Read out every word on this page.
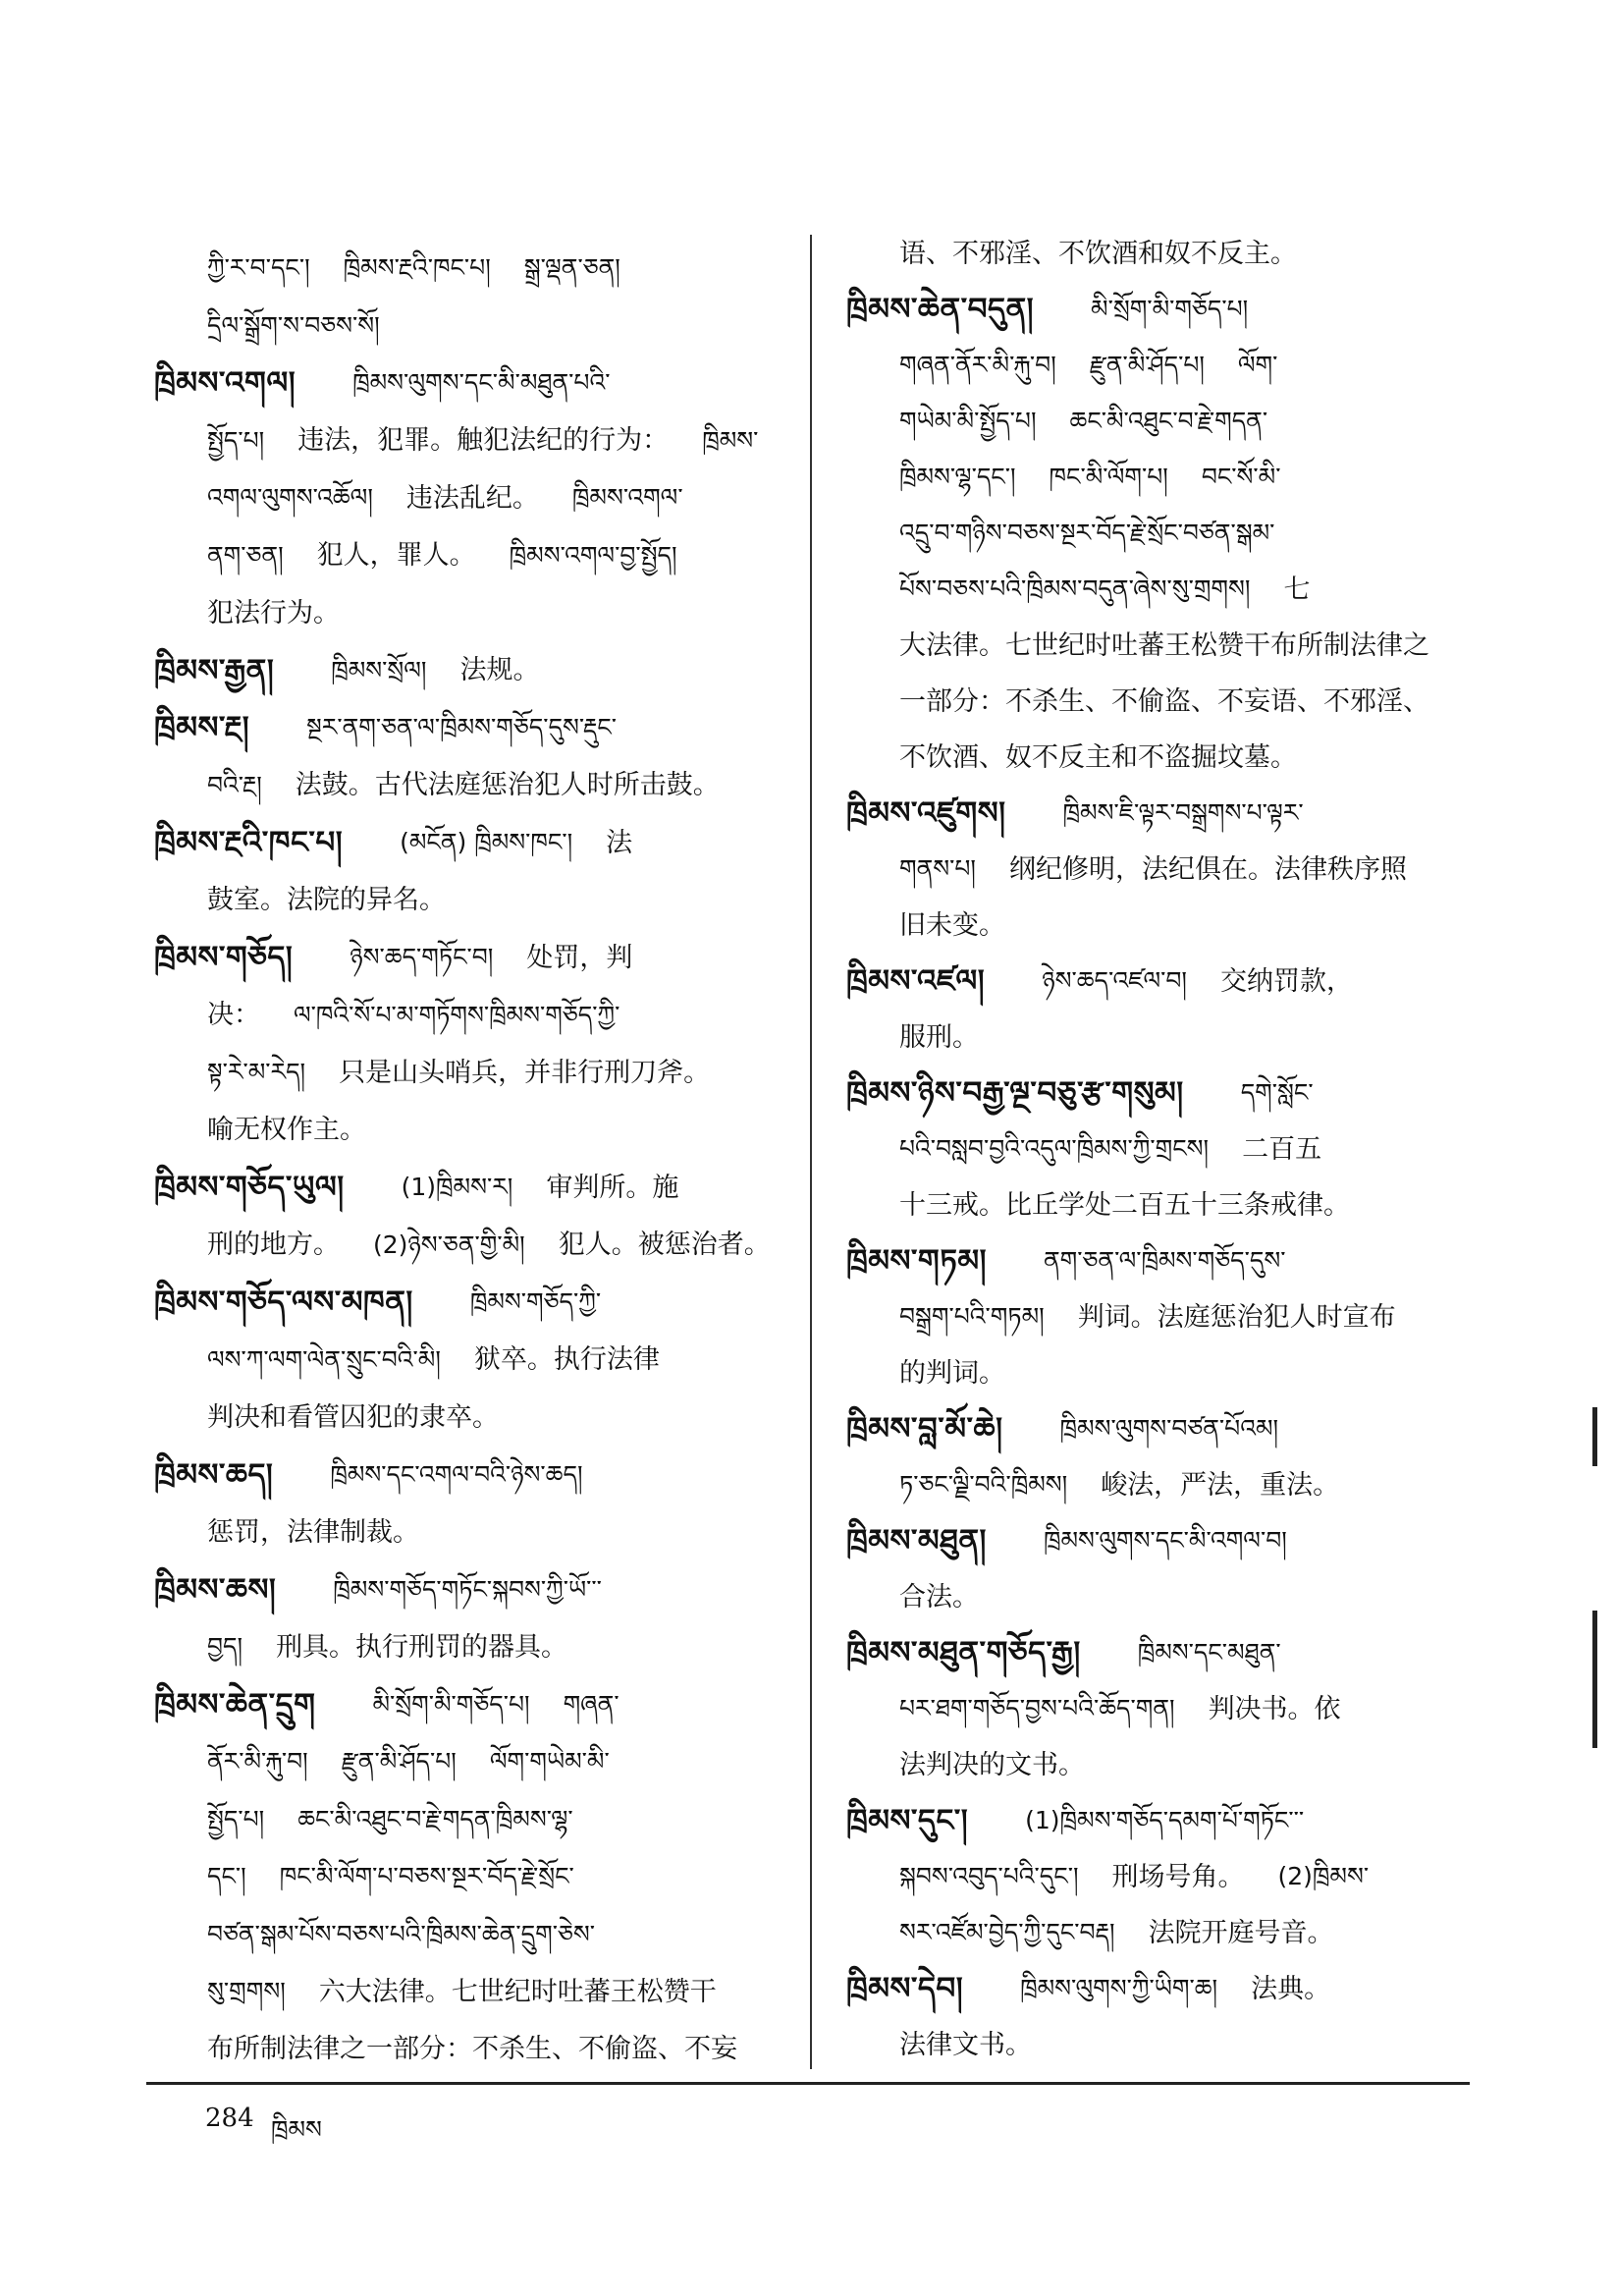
ཀྱི་ར་བ་དང་། ཁྲིམས་རྔའི་ཁང་པ། སྒྲ་ལྡན་ཅན།
དྲིལ་སྒྲོག་ས་བཅས་སོ།
ཁྲིམས་འགལ། ཁྲིམས་ལུགས་དང་མི་མཐུན་པའི་
སྤྱོད་པ། 违法，犯罪。触犯法纪的行为： ཁྲིམས་
འགལ་ལུགས་འཆོལ། 违法乱纪。 ཁྲིམས་འགལ་
ནག་ཅན། 犯人，罪人。 ཁྲིམས་འགལ་བྱ་སྤྱོད།
犯法行为。
ཁྲིམས་རྒྱན། ཁྲིམས་སྲོལ། 法规。
ཁྲིམས་རྔ། སྔར་ནག་ཅན་ལ་ཁྲིམས་གཅོད་དུས་རྡུང་
བའི་རྔ། 法鼓。古代法庭惩治犯人时所击鼓。
ཁྲིམས་རྔའི་ཁང་པ། (མངོན) ཁྲིམས་ཁང་། 法
鼓室。法院的异名。
ཁྲིམས་གཅོད། ཉེས་ཆད་གཏོང་བ། 处罚，判
决： ལ་ཁའི་སོ་པ་མ་གཏོགས་ཁྲིམས་གཅོད་ཀྱི་
སྟ་རེ་མ་རེད། 只是山头哨兵，并非行刑刀斧。
喻无权作主。
ཁྲིམས་གཅོད་ཡུལ། (1)ཁྲིམས་ར། 审判所。施
刑的地方。 (2)ཉེས་ཅན་གྱི་མི། 犯人。被惩治者。
ཁྲིམས་གཅོད་ལས་མཁན། ཁྲིམས་གཅོད་ཀྱི་
ལས་ཀ་ལག་ལེན་སྲུང་བའི་མི། 狱卒。执行法律
判决和看管囚犯的隶卒。
ཁྲིམས་ཆད། ཁྲིམས་དང་འགལ་བའི་ཉེས་ཆད།
惩罚，法律制裁。
ཁྲིམས་ཆས། ཁྲིམས་གཅོད་གཏོང་སྐབས་ཀྱི་ཡོ་་་
བྱད། 刑具。执行刑罚的器具。
ཁྲིམས་ཆེན་དྲུག མི་སྲོག་མི་གཅོད་པ། གཞན་
ནོར་མི་རྐུ་བ། རྫུན་མི་ཤོད་པ། ལོག་གཡེམ་མི་
སྤྱོད་པ། ཆང་མི་འཐུང་བ་རྗེ་གདན་ཁྲིམས་ལྷ་
དང་། ཁང་མི་ལོག་པ་བཅས་སྔར་བོད་རྗེ་སྲོང་
བཙན་སྒམ་པོས་བཅས་པའི་ཁྲིམས་ཆེན་དྲུག་ཅེས་
སུ་གྲགས། 六大法律。七世纪时吐蕃王松赞干
布所制法律之一部分：不杀生、不偷盗、不妄
语、不邪淫、不饮酒和奴不反主。
ཁྲིམས་ཆེན་བདུན། མི་སྲོག་མི་གཅོད་པ།
གཞན་ནོར་མི་རྐུ་བ། རྫུན་མི་ཤོད་པ། ལོག་
གཡེམ་མི་སྤྱོད་པ། ཆང་མི་འཐུང་བ་རྗེ་གདན་
ཁྲིམས་ལྷ་དང་། ཁང་མི་ལོག་པ། བང་སོ་མི་
འདྲུ་བ་གཉིས་བཅས་སྔར་བོད་རྗེ་སྲོང་བཙན་སྒམ་
པོས་བཅས་པའི་ཁྲིམས་བདུན་ཞེས་སུ་གྲགས། 七
大法律。七世纪时吐蕃王松赞干布所制法律之
一部分：不杀生、不偷盗、不妄语、不邪淫、
不饮酒、奴不反主和不盗掘坟墓。
ཁྲིམས་འཛུགས། ཁྲིམས་ཇི་ལྟར་བསྒྲགས་པ་ལྟར་
གནས་པ། 纲纪修明，法纪俱在。法律秩序照
旧未变。
ཁྲིམས་འཛལ། ཉེས་ཆད་འཛལ་བ། 交纳罚款，
服刑。
ཁྲིམས་ཉིས་བརྒྱ་ལྔ་བཅུ་རྩ་གསུམ། དགེ་སློང་
པའི་བསླབ་བྱའི་འདུལ་ཁྲིམས་ཀྱི་གྲངས། 二百五
十三戒。比丘学处二百五十三条戒律。
ཁྲིམས་གཏམ། ནག་ཅན་ལ་ཁྲིམས་གཅོད་དུས་
བསྒྲག་པའི་གཏམ། 判词。法庭惩治犯人时宣布
的判词。
ཁྲིམས་བླ་མོ་ཆེ། ཁྲིམས་ལུགས་བཙན་པོའམ།
ཏ་ཅང་ལྗི་བའི་ཁྲིམས། 峻法，严法，重法。
ཁྲིམས་མཐུན། ཁྲིམས་ལུགས་དང་མི་འགལ་བ།
合法。
ཁྲིམས་མཐུན་གཅོད་རྒྱ། ཁྲིམས་དང་མཐུན་
པར་ཐག་གཅོད་བྱས་པའི་ཆོད་གན། 判决书。依
法判决的文书。
ཁྲིམས་དུང་། (1)ཁྲིམས་གཅོད་དམག་པོ་གཏོང་་་
སྐབས་འབུད་པའི་དུང་། 刑场号角。 (2)ཁྲིམས་
སར་འཛོམ་བྱེད་ཀྱི་དུང་བརྡ། 法院开庭号音。
ཁྲིམས་དེབ། ཁྲིམས་ལུགས་ཀྱི་ཡིག་ཆ། 法典。
法律文书。
284 ཁྲིམས
